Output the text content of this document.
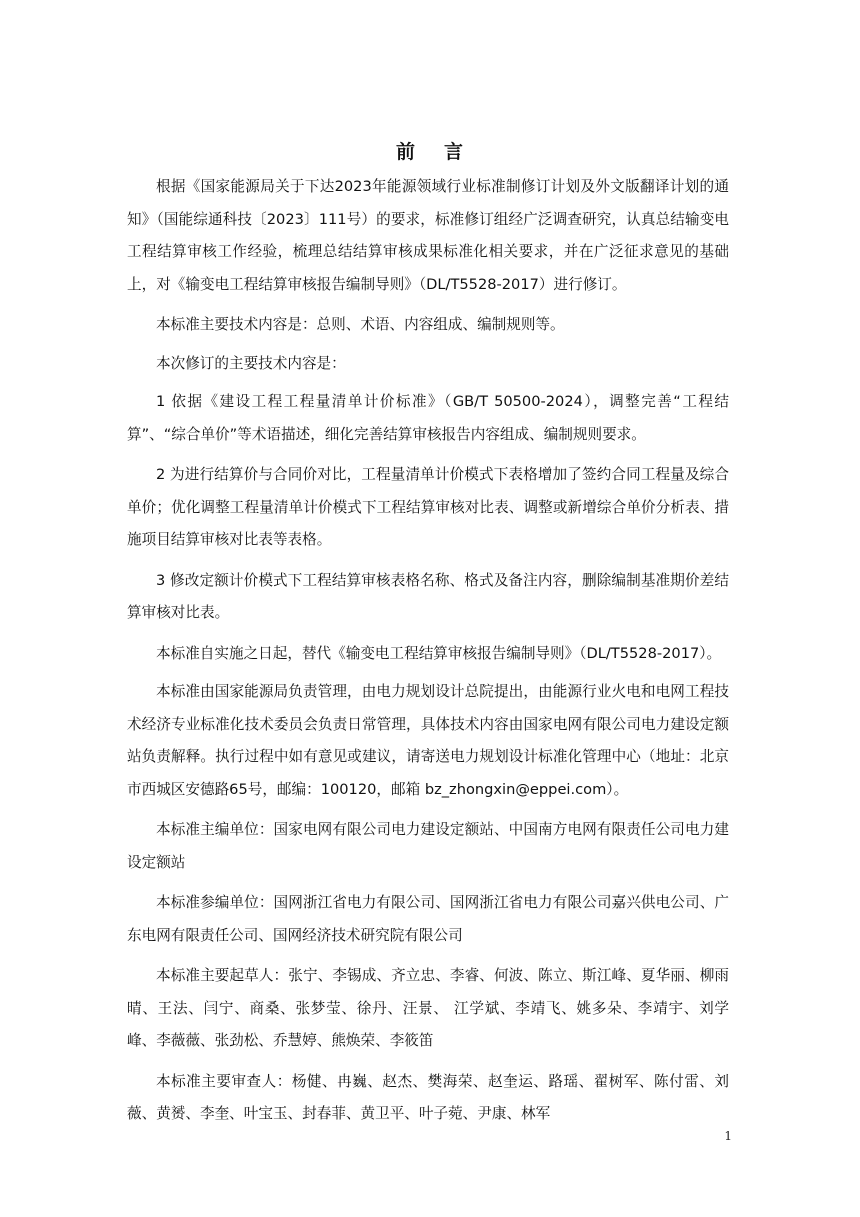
前 言

根据《国家能源局关于下达2023年能源领域行业标准制修订计划及外文版翻译计划的通知》（国能综通科技〔2023〕111号）的要求，标准修订组经广泛调查研究，认真总结输变电工程结算审核工作经验，梳理总结结算审核成果标准化相关要求，并在广泛征求意见的基础上，对《输变电工程结算审核报告编制导则》（DL/T5528-2017）进行修订。

本标准主要技术内容是：总则、术语、内容组成、编制规则等。

本次修订的主要技术内容是：

1 依据《建设工程工程量清单计价标准》（GB/T 50500-2024），调整完善“工程结算”、“综合单价”等术语描述，细化完善结算审核报告内容组成、编制规则要求。

2 为进行结算价与合同价对比，工程量清单计价模式下表格增加了签约合同工程量及综合单价；优化调整工程量清单计价模式下工程结算审核对比表、调整或新增综合单价分析表、措施项目结算审核对比表等表格。

3 修改定额计价模式下工程结算审核表格名称、格式及备注内容，删除编制基准期价差结算审核对比表。

本标准自实施之日起，替代《输变电工程结算审核报告编制导则》（DL/T5528-2017）。

本标准由国家能源局负责管理，由电力规划设计总院提出，由能源行业火电和电网工程技术经济专业标准化技术委员会负责日常管理，具体技术内容由国家电网有限公司电力建设定额站负责解释。执行过程中如有意见或建议，请寄送电力规划设计标准化管理中心（地址：北京市西城区安德路65号，邮编：100120，邮箱 bz_zhongxin@eppei.com）。

本标准主编单位：国家电网有限公司电力建设定额站、中国南方电网有限责任公司电力建设定额站

本标准参编单位：国网浙江省电力有限公司、国网浙江省电力有限公司嘉兴供电公司、广东电网有限责任公司、国网经济技术研究院有限公司

本标准主要起草人：张宁、李锡成、齐立忠、李睿、何波、陈立、斯江峰、夏华丽、柳雨晴、王法、闫宁、商桑、张梦莹、徐丹、汪景、 江学斌、李靖飞、姚多朵、李靖宇、刘学峰、李薇薇、张劲松、乔慧婷、熊焕荣、李筱笛

本标准主要审查人：杨健、冉巍、赵杰、樊海荣、赵奎运、路瑶、翟树军、陈付雷、刘薇、黄赟、李奎、叶宝玉、封春菲、黄卫平、叶子菀、尹康、林军

1
